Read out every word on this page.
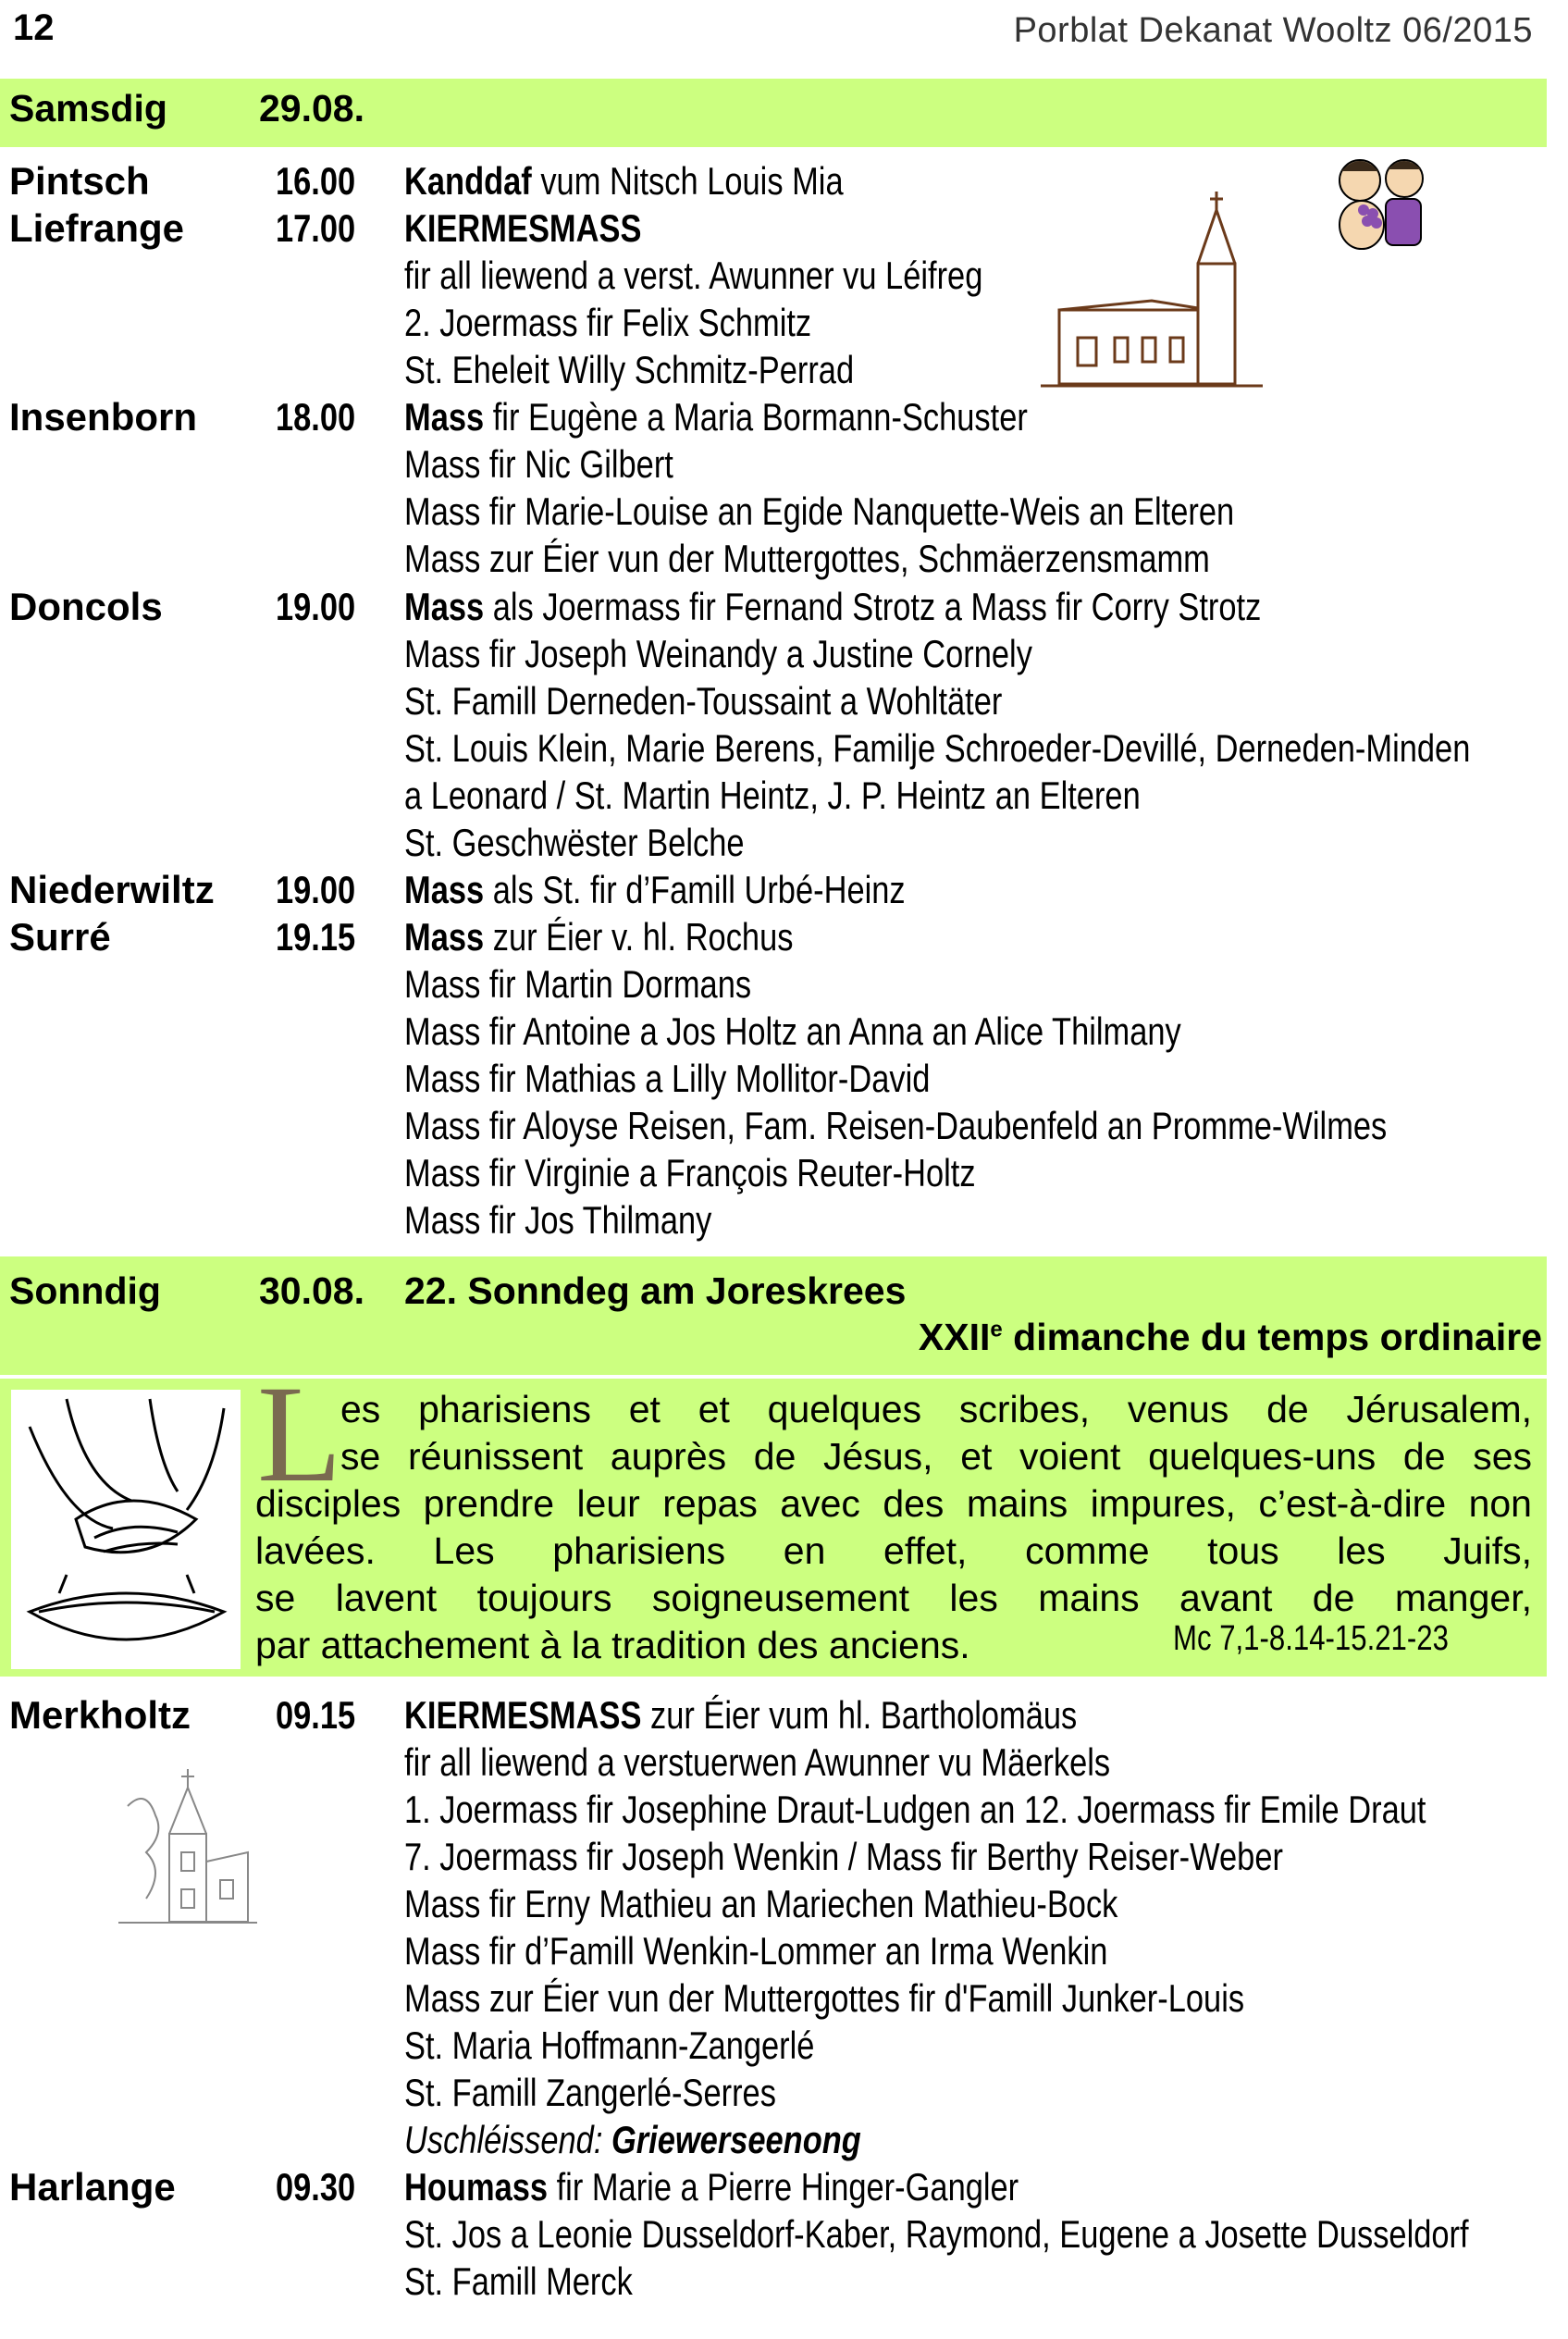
12	Porblat Dekanat Wooltz 06/2015
Samsdig 29.08.
Pintsch	16.00 Kanddaf vum Nitsch Louis Mia
Liefrange 17.00 KIERMESMASS
fir all liewend a verst. Awunner vu Léifreg
2. Joermass fir Felix Schmitz
St. Eheleit Willy Schmitz-Perrad
Insenborn 18.00 Mass fir Eugène a Maria Bormann-Schuster
Mass fir Nic Gilbert
Mass fir Marie-Louise an Egide Nanquette-Weis an Elteren
Mass zur Éier vun der Muttergottes, Schmäerzensmamm
Doncols	19.00 Mass als Joermass fir Fernand Strotz a Mass fir Corry Strotz
Mass fir Joseph Weinandy a Justine Cornely
St. Famill Derneden-Toussaint a Wohltäter
St. Louis Klein, Marie Berens, Familje Schroeder-Devillé, Derneden-Minden
a Leonard / St. Martin Heintz, J. P. Heintz an Elteren
St. Geschwëster Belche
Niederwiltz 19.00 Mass als St. fir d’Famill Urbé-Heinz
Surré	19.15 Mass zur Éier v. hl. Rochus
Mass fir Martin Dormans
Mass fir Antoine a Jos Holtz an Anna an Alice Thilmany
Mass fir Mathias a Lilly Mollitor-David
Mass fir Aloyse Reisen, Fam. Reisen-Daubenfeld an Promme-Wilmes
Mass fir Virginie a François Reuter-Holtz
Mass fir Jos Thilmany
Sonndig	30.08. 22. Sonndeg am Joreskrees
XXIIe dimanche du temps ordinaire
L
es pharisiens et et quelques scribes, venus de Jérusalem,
se réunissent auprès de Jésus, et voient quelques-uns de ses
disciples prendre leur repas avec des mains impures, c’est-à-dire non
lavées. Les pharisiens en effet, comme tous les Juifs,
se lavent toujours soigneusement les mains avant de manger,
par attachement à la tradition des anciens.	Mc 7,1-8.14-15.21-23
Merkholtz 09.15 KIERMESMASS zur Éier vum hl. Bartholomäus
fir all liewend a verstuerwen Awunner vu Mäerkels
1. Joermass fir Josephine Draut-Ludgen an 12. Joermass fir Emile Draut
7. Joermass fir Joseph Wenkin / Mass fir Berthy Reiser-Weber
Mass fir Erny Mathieu an Mariechen Mathieu-Bock
Mass fir d’Famill Wenkin-Lommer an Irma Wenkin
Mass zur Éier vun der Muttergottes fir d'Famill Junker-Louis
St. Maria Hoffmann-Zangerlé
St. Famill Zangerlé-Serres
Uschléissend: Griewerseenong
Harlange	09.30 Houmass fir Marie a Pierre Hinger-Gangler
St. Jos a Leonie Dusseldorf-Kaber, Raymond, Eugene a Josette Dusseldorf
St. Famill Merck
